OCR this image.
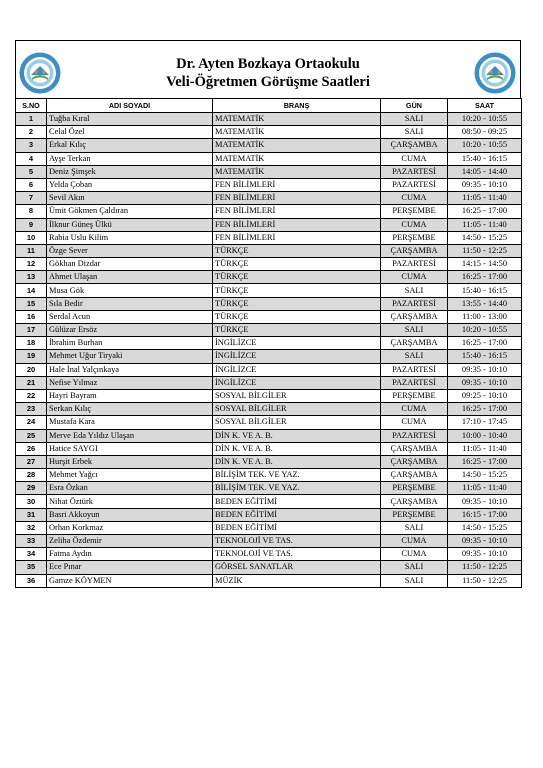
Dr. Ayten Bozkaya Ortaokulu
Veli-Öğretmen Görüşme Saatleri
S.NO	ADI SOYADI	BRANŞ	GÜN	SAAT
1	Tuğba Kıral	MATEMATİK	SALI	10:20 - 10:55
2	Celal Özel	MATEMATİK	SALI	08:50 - 09:25
3	Erkal Kılıç	MATEMATİK	ÇARŞAMBA	10:20 - 10:55
4	Ayşe Terkan	MATEMATİK	CUMA	15:40 - 16:15
5	Deniz Şimşek	MATEMATİK	PAZARTESİ	14:05 - 14:40
6	Yelda Çoban	FEN BİLİMLERİ	PAZARTESİ	09:35 - 10:10
7	Sevil Akın	FEN BİLİMLERİ	CUMA	11:05 - 11:40
8	Ümit Gökmen Çaldıran	FEN BİLİMLERİ	PERŞEMBE	16:25 - 17:00
9	İlknur Güneş Ülkü	FEN BİLİMLERİ	CUMA	11:05 - 11:40
10	Rabia Uslu Kilim	FEN BİLİMLERİ	PERŞEMBE	14:50 - 15:25
11	Özge Sever	TÜRKÇE	ÇARŞAMBA	11:50 - 12:25
12	Gökhan Dizdar	TÜRKÇE	PAZARTESİ	14:15 - 14:50
13	Ahmet Ulaşan	TÜRKÇE	CUMA	16:25 - 17:00
14	Musa Gök	TÜRKÇE	SALI	15:40 - 16:15
15	Sıla Bedir	TÜRKÇE	PAZARTESİ	13:55 - 14:40
16	Serdal Acun	TÜRKÇE	ÇARŞAMBA	11:00 - 13:00
17	Gülüzar Ersöz	TÜRKÇE	SALI	10:20 - 10:55
18	İbrahim Burhan	İNGİLİZCE	ÇARŞAMBA	16:25 - 17:00
19	Mehmet Uğur Tiryaki	İNGİLİZCE	SALI	15:40 - 16:15
20	Hale İnal Yalçınkaya	İNGİLİZCE	PAZARTESİ	09:35 - 10:10
21	Nefise Yılmaz	İNGİLİZCE	PAZARTESİ	09:35 - 10:10
22	Hayri Bayram	SOSYAL BİLGİLER	PERŞEMBE	09:25 - 10:10
23	Serkan Kılıç	SOSYAL BİLGİLER	CUMA	16:25 - 17:00
24	Mustafa Kara	SOSYAL BİLGİLER	CUMA	17:10 - 17:45
25	Merve Eda Yıldız Ulaşan	DİN K. VE A. B.	PAZARTESİ	10:00 - 10:40
26	Hatice SAYGI	DİN K. VE A. B.	ÇARŞAMBA	11:05 - 11:40
27	Hurşit Erbek	DİN K. VE A. B.	ÇARŞAMBA	16:25 - 17:00
28	Mehmet Yağcı	BİLİŞİM TEK. VE YAZ.	ÇARŞAMBA	14:50 - 15:25
29	Esra Özkan	BİLİŞİM TEK. VE YAZ.	PERŞEMBE	11:05 - 11:40
30	Nihat Öztürk	BEDEN EĞİTİMİ	ÇARŞAMBA	09:35 - 10:10
31	Basri Akkoyun	BEDEN EĞİTİMİ	PERŞEMBE	16:15 - 17:00
32	Orhan Korkmaz	BEDEN EĞİTİMİ	SALI	14:50 - 15:25
33	Zeliha Özdemir	TEKNOLOJİ VE TAS.	CUMA	09:35 - 10:10
34	Fatma Aydın	TEKNOLOJİ VE TAS.	CUMA	09:35 - 10:10
35	Ece Pınar	GÖRSEL SANATLAR	SALI	11:50 - 12:25
36	Gamze KÖYMEN	MÜZİK	SALI	11:50 - 12:25
